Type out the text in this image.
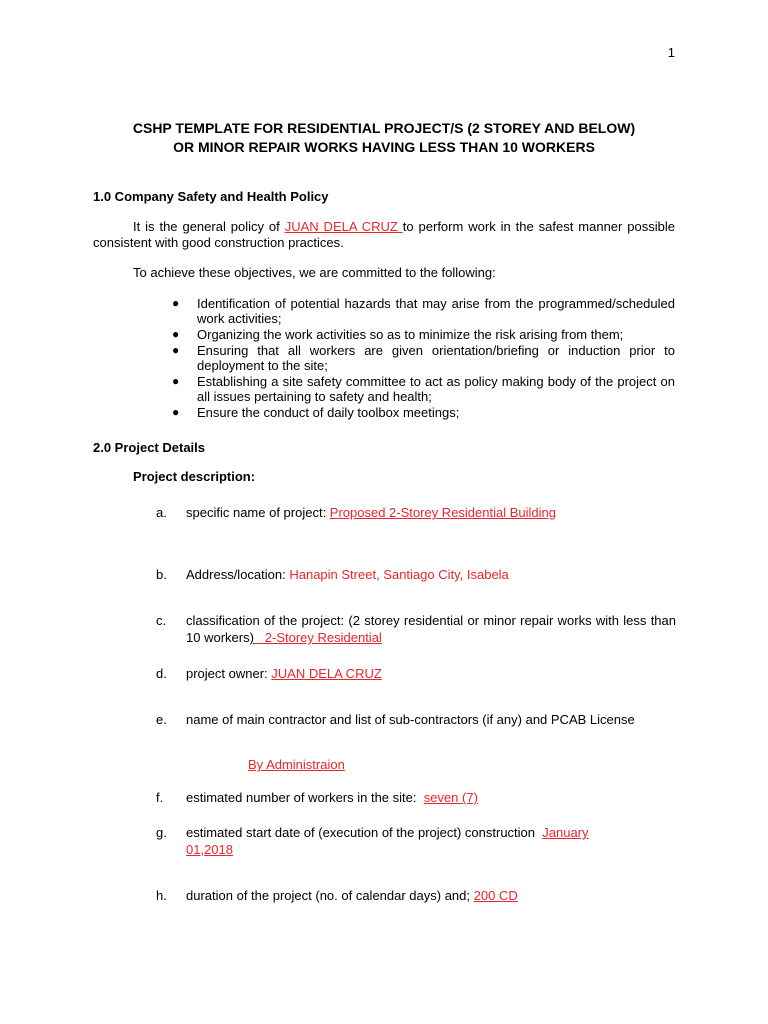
1
CSHP TEMPLATE FOR RESIDENTIAL PROJECT/S (2 STOREY AND BELOW)
OR MINOR REPAIR WORKS HAVING LESS THAN 10 WORKERS
1.0 Company Safety and Health Policy
It is the general policy of JUAN DELA CRUZ to perform work in the safest manner possible consistent with good construction practices.
To achieve these objectives, we are committed to the following:
● Identification of potential hazards that may arise from the programmed/scheduled work activities;
● Organizing the work activities so as to minimize the risk arising from them;
● Ensuring that all workers are given orientation/briefing or induction prior to deployment to the site;
● Establishing a site safety committee to act as policy making body of the project on all issues pertaining to safety and health;
● Ensure the conduct of daily toolbox meetings;
2.0 Project Details
Project description:
a. specific name of project: Proposed 2-Storey Residential Building
b. Address/location: Hanapin Street, Santiago City, Isabela
c. classification of the project: (2 storey residential or minor repair works with less than 10 workers)   2-Storey Residential
d. project owner: JUAN DELA CRUZ
e. name of main contractor and list of sub-contractors (if any) and PCAB License
By Administraion
f. estimated number of workers in the site:  seven (7)
g. estimated start date of (execution of the project) construction  January 01,2018
h. duration of the project (no. of calendar days) and; 200 CD
